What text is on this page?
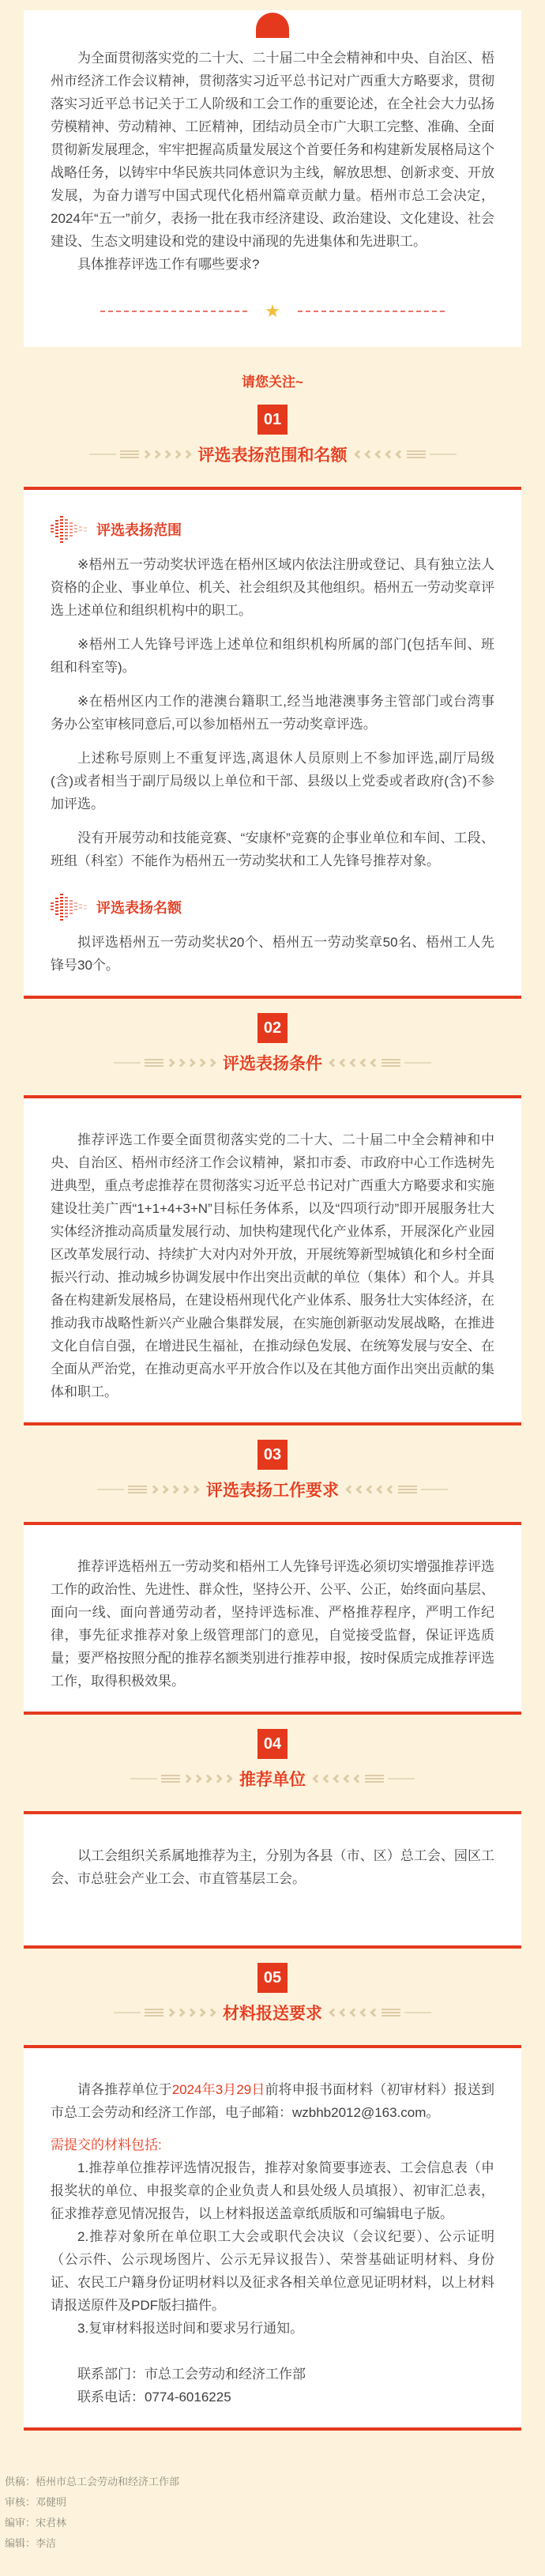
为全面贯彻落实党的二十大、二十届二中全会精神和中央、自治区、梧州市经济工作会议精神，贯彻落实习近平总书记对广西重大方略要求，贯彻落实习近平总书记关于工人阶级和工会工作的重要论述，在全社会大力弘扬劳模精神、劳动精神、工匠精神，团结动员全市广大职工完整、准确、全面贯彻新发展理念，牢牢把握高质量发展这个首要任务和构建新发展格局这个战略任务，以铸牢中华民族共同体意识为主线，解放思想、创新求变、开放发展，为奋力谱写中国式现代化梧州篇章贡献力量。梧州市总工会决定，2024年“五一”前夕，表扬一批在我市经济建设、政治建设、文化建设、社会建设、生态文明建设和党的建设中涌现的先进集体和先进职工。

具体推荐评选工作有哪些要求?

★
请您关注~
01
评选表扬范围和名额
评选表扬范围

※梧州五一劳动奖状评选在梧州区域内依法注册或登记、具有独立法人资格的企业、事业单位、机关、社会组织及其他组织。梧州五一劳动奖章评选上述单位和组织机构中的职工。

※梧州工人先锋号评选上述单位和组织机构所属的部门(包括车间、班组和科室等)。

※在梧州区内工作的港澳台籍职工,经当地港澳事务主管部门或台湾事务办公室审核同意后,可以参加梧州五一劳动奖章评选。

上述称号原则上不重复评选,离退休人员原则上不参加评选,副厅局级(含)或者相当于副厅局级以上单位和干部、县级以上党委或者政府(含)不参加评选。

没有开展劳动和技能竞赛、“安康杯”竞赛的企事业单位和车间、工段、班组（科室）不能作为梧州五一劳动奖状和工人先锋号推荐对象。

评选表扬名额

拟评选梧州五一劳动奖状20个、梧州五一劳动奖章50名、梧州工人先锋号30个。

02
评选表扬条件

推荐评选工作要全面贯彻落实党的二十大、二十届二中全会精神和中央、自治区、梧州市经济工作会议精神，紧扣市委、市政府中心工作选树先进典型，重点考虑推荐在贯彻落实习近平总书记对广西重大方略要求和实施建设壮美广西“1+1+4+3+N”目标任务体系，以及“四项行动”即开展服务壮大实体经济推动高质量发展行动、加快构建现代化产业体系，开展深化产业园区改革发展行动、持续扩大对内对外开放，开展统筹新型城镇化和乡村全面振兴行动、推动城乡协调发展中作出突出贡献的单位（集体）和个人。并具备在构建新发展格局，在建设梧州现代化产业体系、服务壮大实体经济，在推动我市战略性新兴产业融合集群发展，在实施创新驱动发展战略，在推进文化自信自强，在增进民生福祉，在推动绿色发展、在统筹发展与安全、在全面从严治党，在推动更高水平开放合作以及在其他方面作出突出贡献的集体和职工。

03
评选表扬工作要求

推荐评选梧州五一劳动奖和梧州工人先锋号评选必须切实增强推荐评选工作的政治性、先进性、群众性，坚持公开、公平、公正，始终面向基层、面向一线、面向普通劳动者，坚持评选标准、严格推荐程序，严明工作纪律，事先征求推荐对象上级管理部门的意见，自觉接受监督，保证评选质量；要严格按照分配的推荐名额类别进行推荐申报，按时保质完成推荐评选工作，取得积极效果。

04
推荐单位

以工会组织关系属地推荐为主，分别为各县（市、区）总工会、园区工会、市总驻会产业工会、市直管基层工会。

05
材料报送要求

请各推荐单位于2024年3月29日前将申报书面材料（初审材料）报送到市总工会劳动和经济工作部，电子邮箱：wzbhb2012@163.com。

需提交的材料包括:

1.推荐单位推荐评选情况报告，推荐对象简要事迹表、工会信息表（申报奖状的单位、申报奖章的企业负责人和县处级人员填报）、初审汇总表，征求推荐意见情况报告，以上材料报送盖章纸质版和可编辑电子版。

2.推荐对象所在单位职工大会或职代会决议（会议纪要）、公示证明（公示件、公示现场图片、公示无异议报告）、荣誉基础证明材料、身份证、农民工户籍身份证明材料以及征求各相关单位意见证明材料，以上材料请报送原件及PDF版扫描件。

3.复审材料报送时间和要求另行通知。

联系部门：市总工会劳动和经济工作部

联系电话：0774-6016225

供稿：梧州市总工会劳动和经济工作部

审核：邓健明

编审：宋君林

编辑：李洁
